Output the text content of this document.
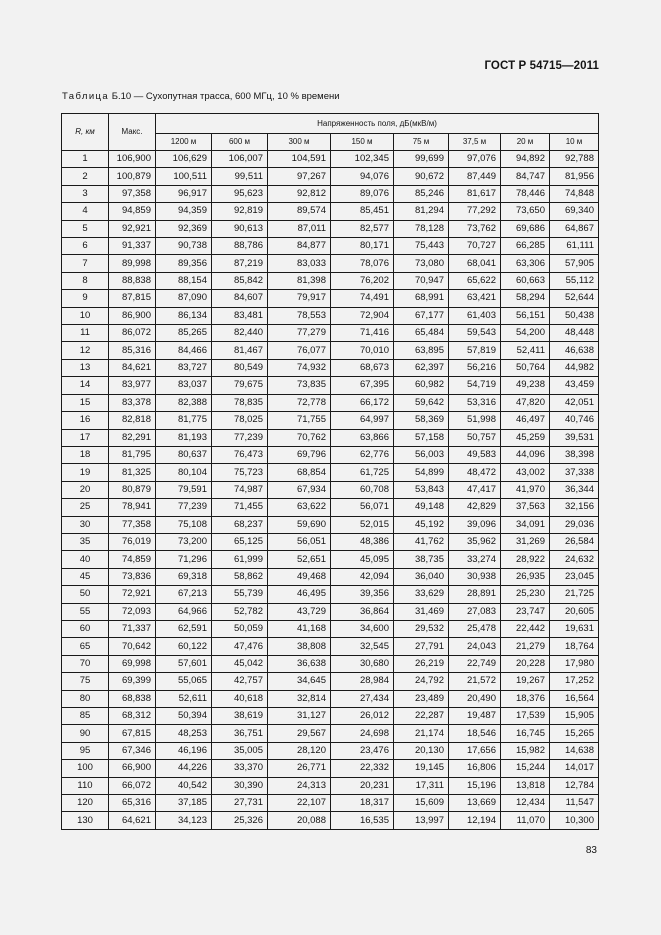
ГОСТ Р 54715—2011
Таблица Б.10 — Сухопутная трасса, 600 МГц, 10 % времени
R, км	Макс.	Напряженность поля, дБ(мкВ/м)							
		1200 м	600 м	300 м	150 м	75 м	37,5 м	20 м	10 м
1	106,900	106,629	106,007	104,591	102,345	99,699	97,076	94,892	92,788
2	100,879	100,511	99,511	97,267	94,076	90,672	87,449	84,747	81,956
3	97,358	96,917	95,623	92,812	89,076	85,246	81,617	78,446	74,848
4	94,859	94,359	92,819	89,574	85,451	81,294	77,292	73,650	69,340
5	92,921	92,369	90,613	87,011	82,577	78,128	73,762	69,686	64,867
6	91,337	90,738	88,786	84,877	80,171	75,443	70,727	66,285	61,111
7	89,998	89,356	87,219	83,033	78,076	73,080	68,041	63,306	57,905
8	88,838	88,154	85,842	81,398	76,202	70,947	65,622	60,663	55,112
9	87,815	87,090	84,607	79,917	74,491	68,991	63,421	58,294	52,644
10	86,900	86,134	83,481	78,553	72,904	67,177	61,403	56,151	50,438
11	86,072	85,265	82,440	77,279	71,416	65,484	59,543	54,200	48,448
12	85,316	84,466	81,467	76,077	70,010	63,895	57,819	52,411	46,638
13	84,621	83,727	80,549	74,932	68,673	62,397	56,216	50,764	44,982
14	83,977	83,037	79,675	73,835	67,395	60,982	54,719	49,238	43,459
15	83,378	82,388	78,835	72,778	66,172	59,642	53,316	47,820	42,051
16	82,818	81,775	78,025	71,755	64,997	58,369	51,998	46,497	40,746
17	82,291	81,193	77,239	70,762	63,866	57,158	50,757	45,259	39,531
18	81,795	80,637	76,473	69,796	62,776	56,003	49,583	44,096	38,398
19	81,325	80,104	75,723	68,854	61,725	54,899	48,472	43,002	37,338
20	80,879	79,591	74,987	67,934	60,708	53,843	47,417	41,970	36,344
25	78,941	77,239	71,455	63,622	56,071	49,148	42,829	37,563	32,156
30	77,358	75,108	68,237	59,690	52,015	45,192	39,096	34,091	29,036
35	76,019	73,200	65,125	56,051	48,386	41,762	35,962	31,269	26,584
40	74,859	71,296	61,999	52,651	45,095	38,735	33,274	28,922	24,632
45	73,836	69,318	58,862	49,468	42,094	36,040	30,938	26,935	23,045
50	72,921	67,213	55,739	46,495	39,356	33,629	28,891	25,230	21,725
55	72,093	64,966	52,782	43,729	36,864	31,469	27,083	23,747	20,605
60	71,337	62,591	50,059	41,168	34,600	29,532	25,478	22,442	19,631
65	70,642	60,122	47,476	38,808	32,545	27,791	24,043	21,279	18,764
70	69,998	57,601	45,042	36,638	30,680	26,219	22,749	20,228	17,980
75	69,399	55,065	42,757	34,645	28,984	24,792	21,572	19,267	17,252
80	68,838	52,611	40,618	32,814	27,434	23,489	20,490	18,376	16,564
85	68,312	50,394	38,619	31,127	26,012	22,287	19,487	17,539	15,905
90	67,815	48,253	36,751	29,567	24,698	21,174	18,546	16,745	15,265
95	67,346	46,196	35,005	28,120	23,476	20,130	17,656	15,982	14,638
100	66,900	44,226	33,370	26,771	22,332	19,145	16,806	15,244	14,017
110	66,072	40,542	30,390	24,313	20,231	17,311	15,196	13,818	12,784
120	65,316	37,185	27,731	22,107	18,317	15,609	13,669	12,434	11,547
130	64,621	34,123	25,326	20,088	16,535	13,997	12,194	11,070	10,300
83
